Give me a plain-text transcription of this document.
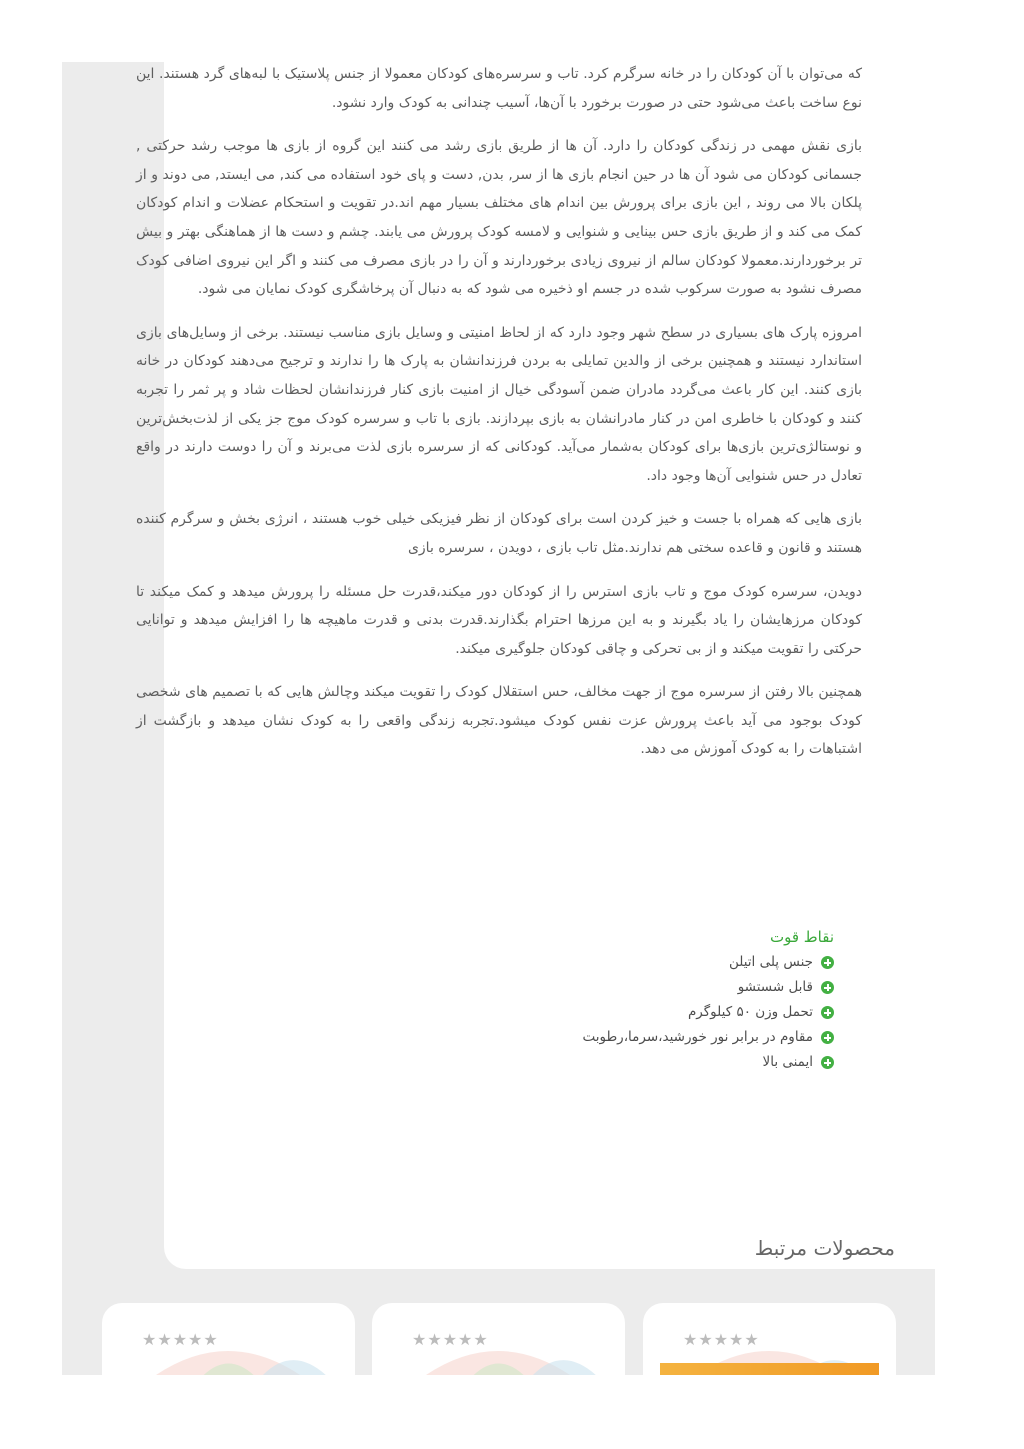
که می‌توان با آن کودکان را در خانه سرگرم کرد. تاب و سرسره‌های کودکان معمولا از جنس پلاستیک با لبه‌های گرد هستند. این نوع ساخت باعث می‌شود حتی در صورت برخورد با آن‌ها، آسیب چندانی به کودک وارد نشود.

بازی نقش مهمی در زندگی کودکان را دارد. آن ها از طریق بازی رشد می کنند این گروه از بازی ها موجب رشد حرکتی , جسمانی کودکان می شود آن ها در حین انجام بازی ها از سر, بدن, دست و پای خود استفاده می کند, می ایستد, می دوند و از پلکان بالا می روند , این بازی برای پرورش بین اندام های مختلف بسیار مهم اند.در تقویت و استحکام عضلات و اندام کودکان کمک می کند و از طریق بازی حس بینایی و شنوایی و لامسه کودک پرورش می یابند. چشم و دست ها از هماهنگی بهتر و بیش تر برخوردارند.معمولا کودکان سالم از نیروی زیادی برخوردارند و آن را در بازی مصرف می کنند و اگر این نیروی اضافی کودک مصرف نشود به صورت سرکوب شده در جسم او ذخیره می شود که به دنبال آن پرخاشگری کودک نمایان می شود.

امروزه پارک های بسیاری در سطح شهر وجود دارد که از لحاظ امنیتی و وسایل بازی مناسب نیستند. برخی از وسایل‌های بازی استاندارد نیستند و همچنین برخی از والدین تمایلی به بردن فرزندانشان به پارک ها را ندارند و ترجیح می‌دهند کودکان در خانه بازی کنند. این کار باعث می‌گردد مادران ضمن آسودگی خیال از امنیت بازی کنار فرزندانشان لحظات شاد و پر ثمر را تجربه کنند و کودکان با خاطری امن در کنار مادرانشان به بازی بپردازند. بازی با تاب و سرسره کودک موج جز یکی از لذت‌بخش‌ترین و نوستالژی‌ترین بازی‌ها برای کودکان به‌شمار می‌آید. کودکانی که از سرسره بازی لذت می‌برند و آن را دوست دارند در واقع تعادل در حس شنوایی آن‌ها وجود داد.

بازی هایی که همراه با جست و خیز کردن است برای کودکان از نظر فیزیکی خیلی خوب هستند ، انرژی بخش و سرگرم کننده هستند و قانون و قاعده سختی هم ندارند.مثل تاب بازی ، دویدن ، سرسره بازی

دویدن، سرسره کودک موج و تاب بازی استرس را از کودکان دور میکند،قدرت حل مسئله را پرورش میدهد و کمک میکند تا کودکان مرزهایشان را یاد بگیرند و به این مرزها احترام بگذارند.قدرت بدنی و قدرت ماهیچه ها را افزایش میدهد و توانایی حرکتی را تقویت میکند و از بی تحرکی و چاقی کودکان جلوگیری میکند.

همچنین بالا رفتن از سرسره موج از جهت مخالف، حس استقلال کودک را تقویت میکند وچالش هایی که با تصمیم های شخصی کودک بوجود می آید باعث پرورش عزت نفس کودک میشود.تجربه زندگی واقعی را به کودک نشان میدهد و بازگشت از اشتباهات را به کودک آموزش می دهد.

نقاط قوت
جنس پلی اتیلن
قابل شستشو
تحمل وزن ۵۰ کیلوگرم
مقاوم در برابر نور خورشید،سرما،رطوبت
ایمنی بالا
محصولات مرتبط
★★★★★
★★★★★
★★★★★
